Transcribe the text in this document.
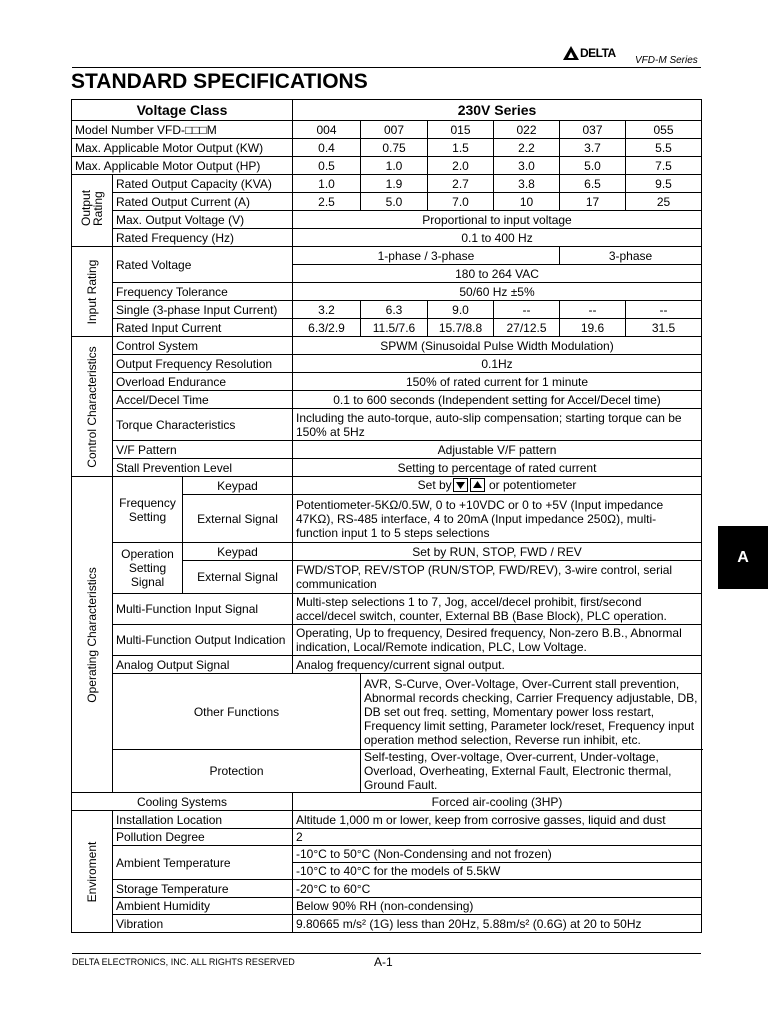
DELTA
VFD-M Series
STANDARD SPECIFICATIONS
Voltage Class			230V Series					
Model Number VFD-□□□M			004	007	015	022	037	055
Max. Applicable Motor Output (KW)			0.4	0.75	1.5	2.2	3.7	5.5
Max. Applicable Motor Output (HP)			0.5	1.0	2.0	3.0	5.0	7.5

Output Rating	Rated Output Capacity (KVA)		1.0	1.9	2.7	3.8	6.5	9.5
	Rated Output Current (A)		2.5	5.0	7.0	10	17	25
	Max. Output Voltage (V)		Proportional to input voltage					
	Rated Frequency (Hz)		0.1 to 400 Hz					

Input Rating	Rated Voltage		1-phase / 3-phase				3-phase	
			180 to 264 VAC					
	Frequency Tolerance		50/60 Hz ±5%					
	Single (3-phase Input Current)		3.2	6.3	9.0	--	--	--
	Rated Input Current		6.3/2.9	11.5/7.6	15.7/8.8	27/12.5	19.6	31.5

Control Characteristics	Control System		SPWM (Sinusoidal Pulse Width Modulation)					
	Output Frequency Resolution		0.1Hz					
	Overload Endurance		150% of rated current for 1 minute					
	Accel/Decel Time		0.1 to 600 seconds (Independent setting for Accel/Decel time)					
	Torque Characteristics		Including the auto-torque, auto-slip compensation; starting torque can be 150% at 5Hz					
	V/F Pattern		Adjustable V/F pattern					
	Stall Prevention Level		Setting to percentage of rated current					

Operating Characteristics	Frequency Setting	Keypad	Set by or potentiometer					
		External Signal	Potentiometer-5KΩ/0.5W, 0 to +10VDC or 0 to +5V (Input impedance 47KΩ), RS-485 interface, 4 to 20mA (Input impedance 250Ω), multi-function input 1 to 5 steps selections					
	Operation Setting Signal	Keypad	Set by RUN, STOP, FWD / REV					
		External Signal	FWD/STOP, REV/STOP (RUN/STOP, FWD/REV), 3-wire control, serial communication					
	Multi-Function Input Signal		Multi-step selections 1 to 7, Jog, accel/decel prohibit, first/second accel/decel switch, counter, External BB (Base Block), PLC operation.					
	Multi-Function Output Indication		Operating, Up to frequency, Desired frequency, Non-zero B.B., Abnormal indication, Local/Remote indication, PLC, Low Voltage.					
	Analog Output Signal		Analog frequency/current signal output.					
	Other Functions			AVR, S-Curve, Over-Voltage, Over-Current stall prevention, Abnormal records checking, Carrier Frequency adjustable, DB, DB set out freq. setting, Momentary power loss restart, Frequency limit setting, Parameter lock/reset, Frequency input operation method selection, Reverse run inhibit, etc.				
	Protection			Self-testing, Over-voltage, Over-current, Under-voltage, Overload, Overheating, External Fault, Electronic thermal, Ground Fault.				
Cooling Systems			Forced air-cooling (3HP)					

Enviroment	Installation Location		Altitude 1,000 m or lower, keep from corrosive gasses, liquid and dust					
	Pollution Degree		2					
	Ambient Temperature		-10°C to 50°C (Non-Condensing and not frozen)					
			-10°C to 40°C for the models of 5.5kW					
	Storage Temperature		-20°C to 60°C					
	Ambient Humidity		Below 90% RH (non-condensing)					
	Vibration		9.80665 m/s² (1G) less than 20Hz, 5.88m/s² (0.6G) at 20 to 50Hz					
DELTA ELECTRONICS, INC. ALL RIGHTS RESERVED	A-1
A
